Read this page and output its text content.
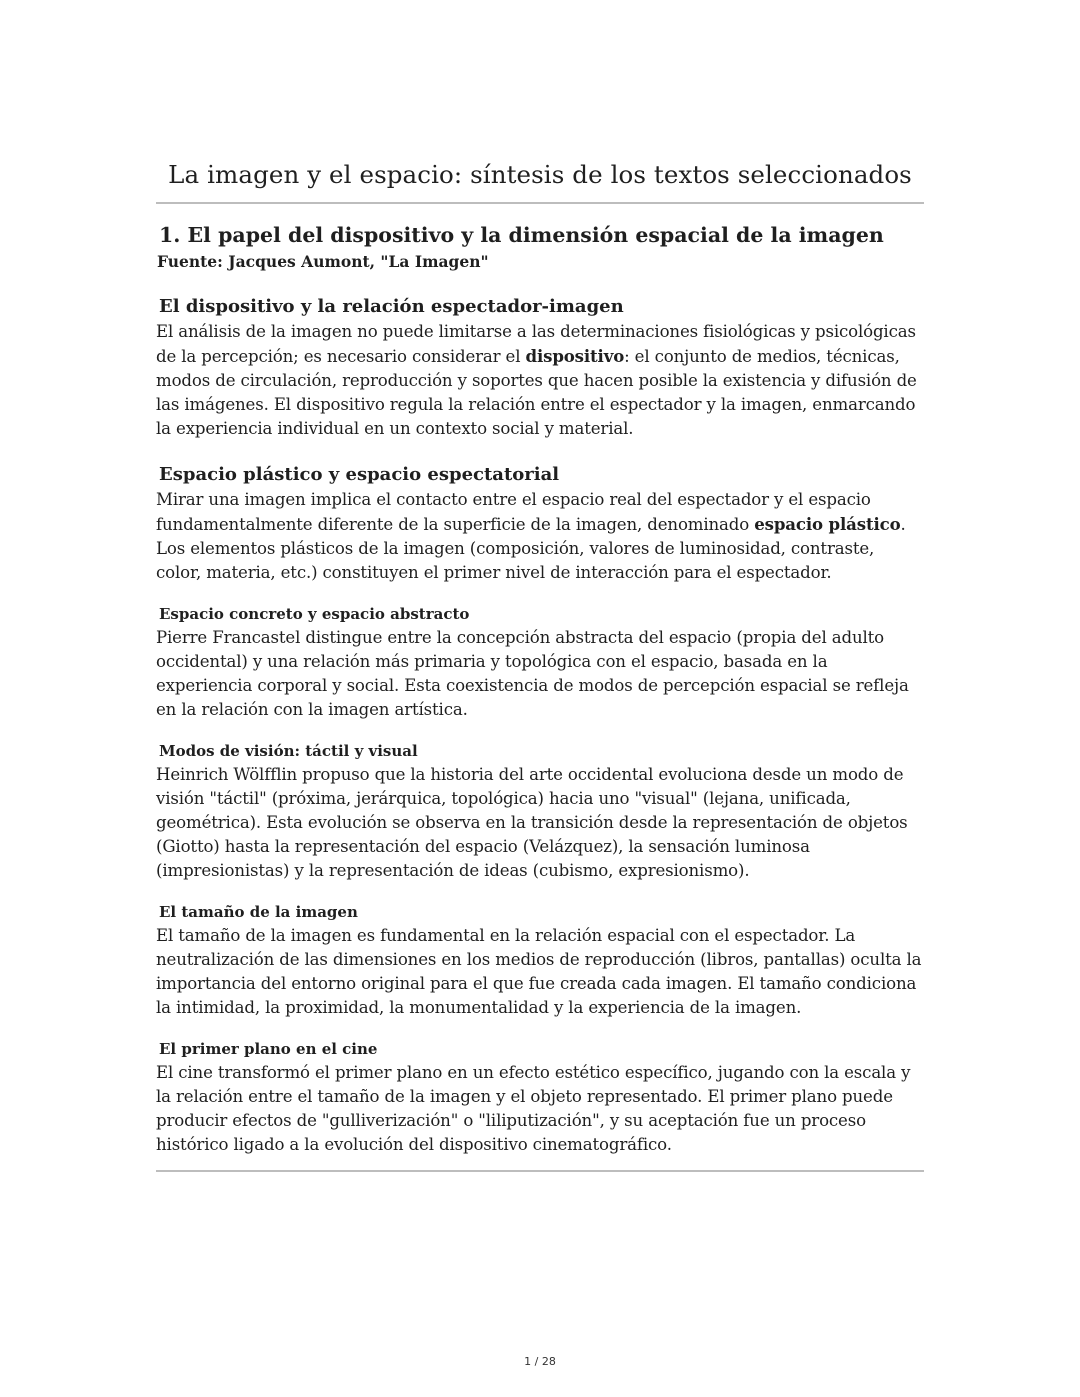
La imagen y el espacio: síntesis de los textos seleccionados
1. El papel del dispositivo y la dimensión espacial de la imagen
Fuente: Jacques Aumont, "La Imagen"
El dispositivo y la relación espectador-imagen

El análisis de la imagen no puede limitarse a las determinaciones fisiológicas y psicológicas de la percepción; es necesario considerar el dispositivo: el conjunto de medios, técnicas, modos de circulación, reproducción y soportes que hacen posible la existencia y difusión de las imágenes. El dispositivo regula la relación entre el espectador y la imagen, enmarcando la experiencia individual en un contexto social y material.

Espacio plástico y espacio espectatorial

Mirar una imagen implica el contacto entre el espacio real del espectador y el espacio fundamentalmente diferente de la superficie de la imagen, denominado espacio plástico. Los elementos plásticos de la imagen (composición, valores de luminosidad, contraste, color, materia, etc.) constituyen el primer nivel de interacción para el espectador.

Espacio concreto y espacio abstracto

Pierre Francastel distingue entre la concepción abstracta del espacio (propia del adulto occidental) y una relación más primaria y topológica con el espacio, basada en la experiencia corporal y social. Esta coexistencia de modos de percepción espacial se refleja en la relación con la imagen artística.

Modos de visión: táctil y visual

Heinrich Wölfflin propuso que la historia del arte occidental evoluciona desde un modo de visión "táctil" (próxima, jerárquica, topológica) hacia uno "visual" (lejana, unificada, geométrica). Esta evolución se observa en la transición desde la representación de objetos (Giotto) hasta la representación del espacio (Velázquez), la sensación luminosa (impresionistas) y la representación de ideas (cubismo, expresionismo).

El tamaño de la imagen

El tamaño de la imagen es fundamental en la relación espacial con el espectador. La neutralización de las dimensiones en los medios de reproducción (libros, pantallas) oculta la importancia del entorno original para el que fue creada cada imagen. El tamaño condiciona la intimidad, la proximidad, la monumentalidad y la experiencia de la imagen.

El primer plano en el cine

El cine transformó el primer plano en un efecto estético específico, jugando con la escala y la relación entre el tamaño de la imagen y el objeto representado. El primer plano puede producir efectos de "gulliverización" o "liliputización", y su aceptación fue un proceso histórico ligado a la evolución del dispositivo cinematográfico.

1 / 28
